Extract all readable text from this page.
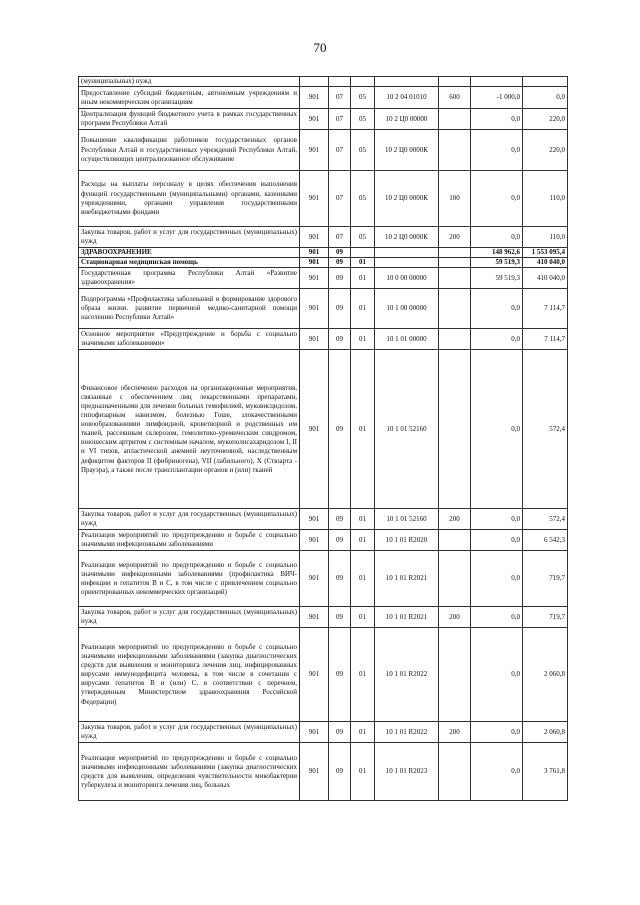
70
(муниципальных) нужд							
Предоставление субсидий бюджетным, автономным учреждениям и иным некоммерческим организациям	901	07	05	10 2 04 01010	600	-1 000,0	0,0
Централизация функций бюджетного учета в рамках государственных программ Республики Алтай	901	07	05	10 2 Ц0 00000		0,0	220,0
Повышение квалификации работников государственных органов Республики Алтай и государственных учреждений Республики Алтай, осуществляющих централизованное обслуживание	901	07	05	10 2 Ц0 0000К		0,0	220,0
Расходы на выплаты персоналу в целях обеспечения выполнения функций государственными (муниципальными) органами, казенными учреждениями, органами управления государственными внебюджетными фондами	901	07	05	10 2 Ц0 0000К	100	0,0	110,0
Закупка товаров, работ и услуг для государственных (муниципальных) нужд	901	07	05	10 2 Ц0 0000К	200	0,0	110,0
ЗДРАВООХРАНЕНИЕ	901	09				148 962,6	1 553 095,4
Стационарная медицинская помощь	901	09	01			59 519,3	410 040,0
Государственная программа Республики Алтай «Развитие здравоохранения»	901	09	01	10 0 00 00000		59 519,3	410 040,0
Подпрограмма «Профилактика заболеваний и формирование здорового образа жизни. развитие первичной медико-санитарной помощи населению Республики Алтай»	901	09	01	10 1 00 00000		0,0	7 114,7
Основное мероприятие «Предупреждение и борьба с социально значимыми заболеваниями»	901	09	01	10 1 01 00000		0,0	7 114,7
Финансовое обеспечение расходов на организационные мероприятия, связанные с обеспечением лиц лекарственными препаратами, предназначенными для лечения больных гемофилией, муковисцидозом, гипофизарным нанизмом, болезнью Гоше, злокачественными новообразованиями лимфоидной, кроветворной и родственных им тканей, рассеянным склерозом, гемолитико-уремическим синдромом, юношеским артритом с системным началом, мукополисахаридозом I, II и VI типов, апластической анемией неуточненной, наследственным дефицитом факторов II (фибриногена), VII (лабильного), X (Стюарта - Прауэра), а также после трансплантации органов и (или) тканей	901	09	01	10 1 01 52160		0,0	572,4
Закупка товаров, работ и услуг для государственных (муниципальных) нужд	901	09	01	10 1 01 52160	200	0,0	572,4
Реализация мероприятий по предупреждению и борьбе с социально значимыми инфекционными заболеваниями	901	09	01	10 1 01 R2020		0,0	6 542,3
Реализация мероприятий по предупреждению и борьбе с социально значимыми инфекционными заболеваниями (профилактика ВИЧ-инфекции и гепатитов В и С, в том числе с привлечением социально ориентированных некоммерческих организаций)	901	09	01	10 1 01 R2021		0,0	719,7
Закупка товаров, работ и услуг для государственных (муниципальных) нужд	901	09	01	10 1 01 R2021	200	0,0	719,7
Реализация мероприятий по предупреждению и борьбе с социально значимыми инфекционными заболеваниями (закупка диагностических средств для выявления и мониторинга лечения лиц, инфицированных вирусами иммунодефицита человека, в том числе в сочетании с вирусами гепатитов В и (или) С, в соответствии с перечнем, утвержденным Министерством здравоохранения Российской Федерации)	901	09	01	10 1 01 R2022		0,0	2 060,8
Закупка товаров, работ и услуг для государственных (муниципальных) нужд	901	09	01	10 1 01 R2022	200	0,0	2 060,8
Реализация мероприятий по предупреждению и борьбе с социально значимыми инфекционными заболеваниями (закупка диагностических средств для выявления, определения чувствительности микобактерии туберкулеза и мониторинга лечения лиц, больных	901	09	01	10 1 01 R2023		0,0	3 761,8
